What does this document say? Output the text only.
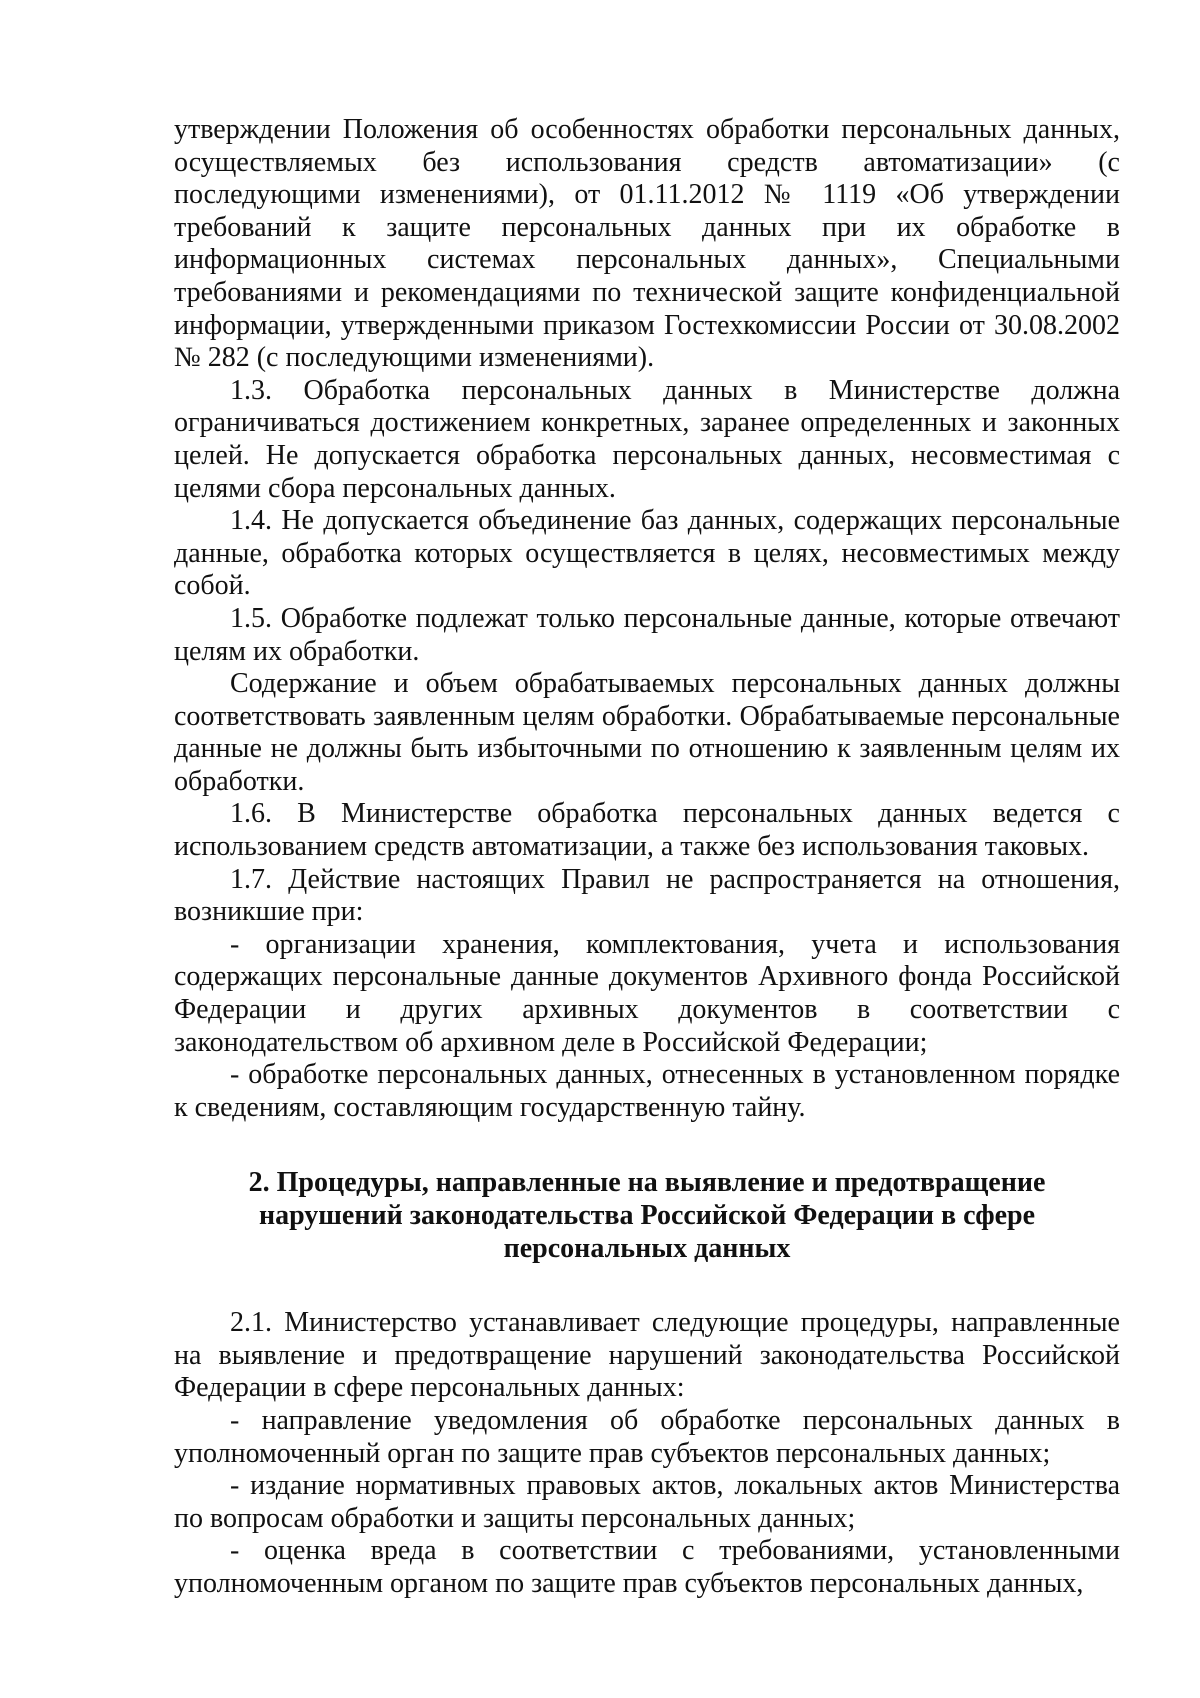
утверждении Положения об особенностях обработки персональных данных, осуществляемых без использования средств автоматизации» (с последующими изменениями), от 01.11.2012 № 1119 «Об утверждении требований к защите персональных данных при их обработке в информационных системах персональных данных», Специальными требованиями и рекомендациями по технической защите конфиденциальной информации, утвержденными приказом Гостехкомиссии России от 30.08.2002 № 282 (с последующими изменениями).

1.3. Обработка персональных данных в Министерстве должна ограничиваться достижением конкретных, заранее определенных и законных целей. Не допускается обработка персональных данных, несовместимая с целями сбора персональных данных.

1.4. Не допускается объединение баз данных, содержащих персональные данные, обработка которых осуществляется в целях, несовместимых между собой.

1.5. Обработке подлежат только персональные данные, которые отвечают целям их обработки.

Содержание и объем обрабатываемых персональных данных должны соответствовать заявленным целям обработки. Обрабатываемые персональные данные не должны быть избыточными по отношению к заявленным целям их обработки.

1.6. В Министерстве обработка персональных данных ведется с использованием средств автоматизации, а также без использования таковых.

1.7. Действие настоящих Правил не распространяется на отношения, возникшие при:

- организации хранения, комплектования, учета и использования содержащих персональные данные документов Архивного фонда Российской Федерации и других архивных документов в соответствии с законодательством об архивном деле в Российской Федерации;

- обработке персональных данных, отнесенных в установленном порядке к сведениям, составляющим государственную тайну.

2. Процедуры, направленные на выявление и предотвращение
нарушений законодательства Российской Федерации в сфере
персональных данных

2.1. Министерство устанавливает следующие процедуры, направленные на выявление и предотвращение нарушений законодательства Российской Федерации в сфере персональных данных:

- направление уведомления об обработке персональных данных в уполномоченный орган по защите прав субъектов персональных данных;

- издание нормативных правовых актов, локальных актов Министерства по вопросам обработки и защиты персональных данных;

- оценка вреда в соответствии с требованиями, установленными уполномоченным органом по защите прав субъектов персональных данных,
